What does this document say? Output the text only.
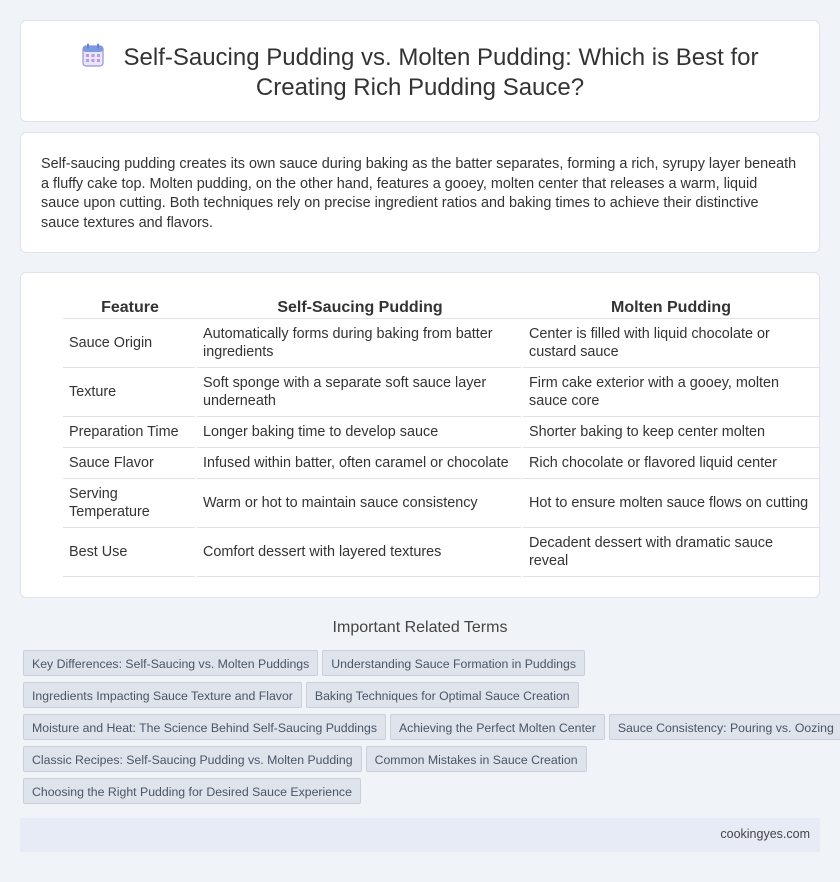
Self-Saucing Pudding vs. Molten Pudding: Which is Best for Creating Rich Pudding Sauce?

Self-saucing pudding creates its own sauce during baking as the batter separates, forming a rich, syrupy layer beneath a fluffy cake top. Molten pudding, on the other hand, features a gooey, molten center that releases a warm, liquid sauce upon cutting. Both techniques rely on precise ingredient ratios and baking times to achieve their distinctive sauce textures and flavors.

Feature	Self-Saucing Pudding	Molten Pudding
Sauce Origin	Automatically forms during baking from batter ingredients	Center is filled with liquid chocolate or custard sauce
Texture	Soft sponge with a separate soft sauce layer underneath	Firm cake exterior with a gooey, molten sauce core
Preparation Time	Longer baking time to develop sauce	Shorter baking to keep center molten
Sauce Flavor	Infused within batter, often caramel or chocolate	Rich chocolate or flavored liquid center
Serving Temperature	Warm or hot to maintain sauce consistency	Hot to ensure molten sauce flows on cutting
Best Use	Comfort dessert with layered textures	Decadent dessert with dramatic sauce reveal
Important Related Terms
Key Differences: Self-Saucing vs. Molten Puddings Understanding Sauce Formation in Puddings
Ingredients Impacting Sauce Texture and Flavor Baking Techniques for Optimal Sauce Creation
Moisture and Heat: The Science Behind Self-Saucing Puddings Achieving the Perfect Molten Center Sauce Consistency: Pouring vs. Oozing
Classic Recipes: Self-Saucing Pudding vs. Molten Pudding Common Mistakes in Sauce Creation
Choosing the Right Pudding for Desired Sauce Experience
cookingyes.com
